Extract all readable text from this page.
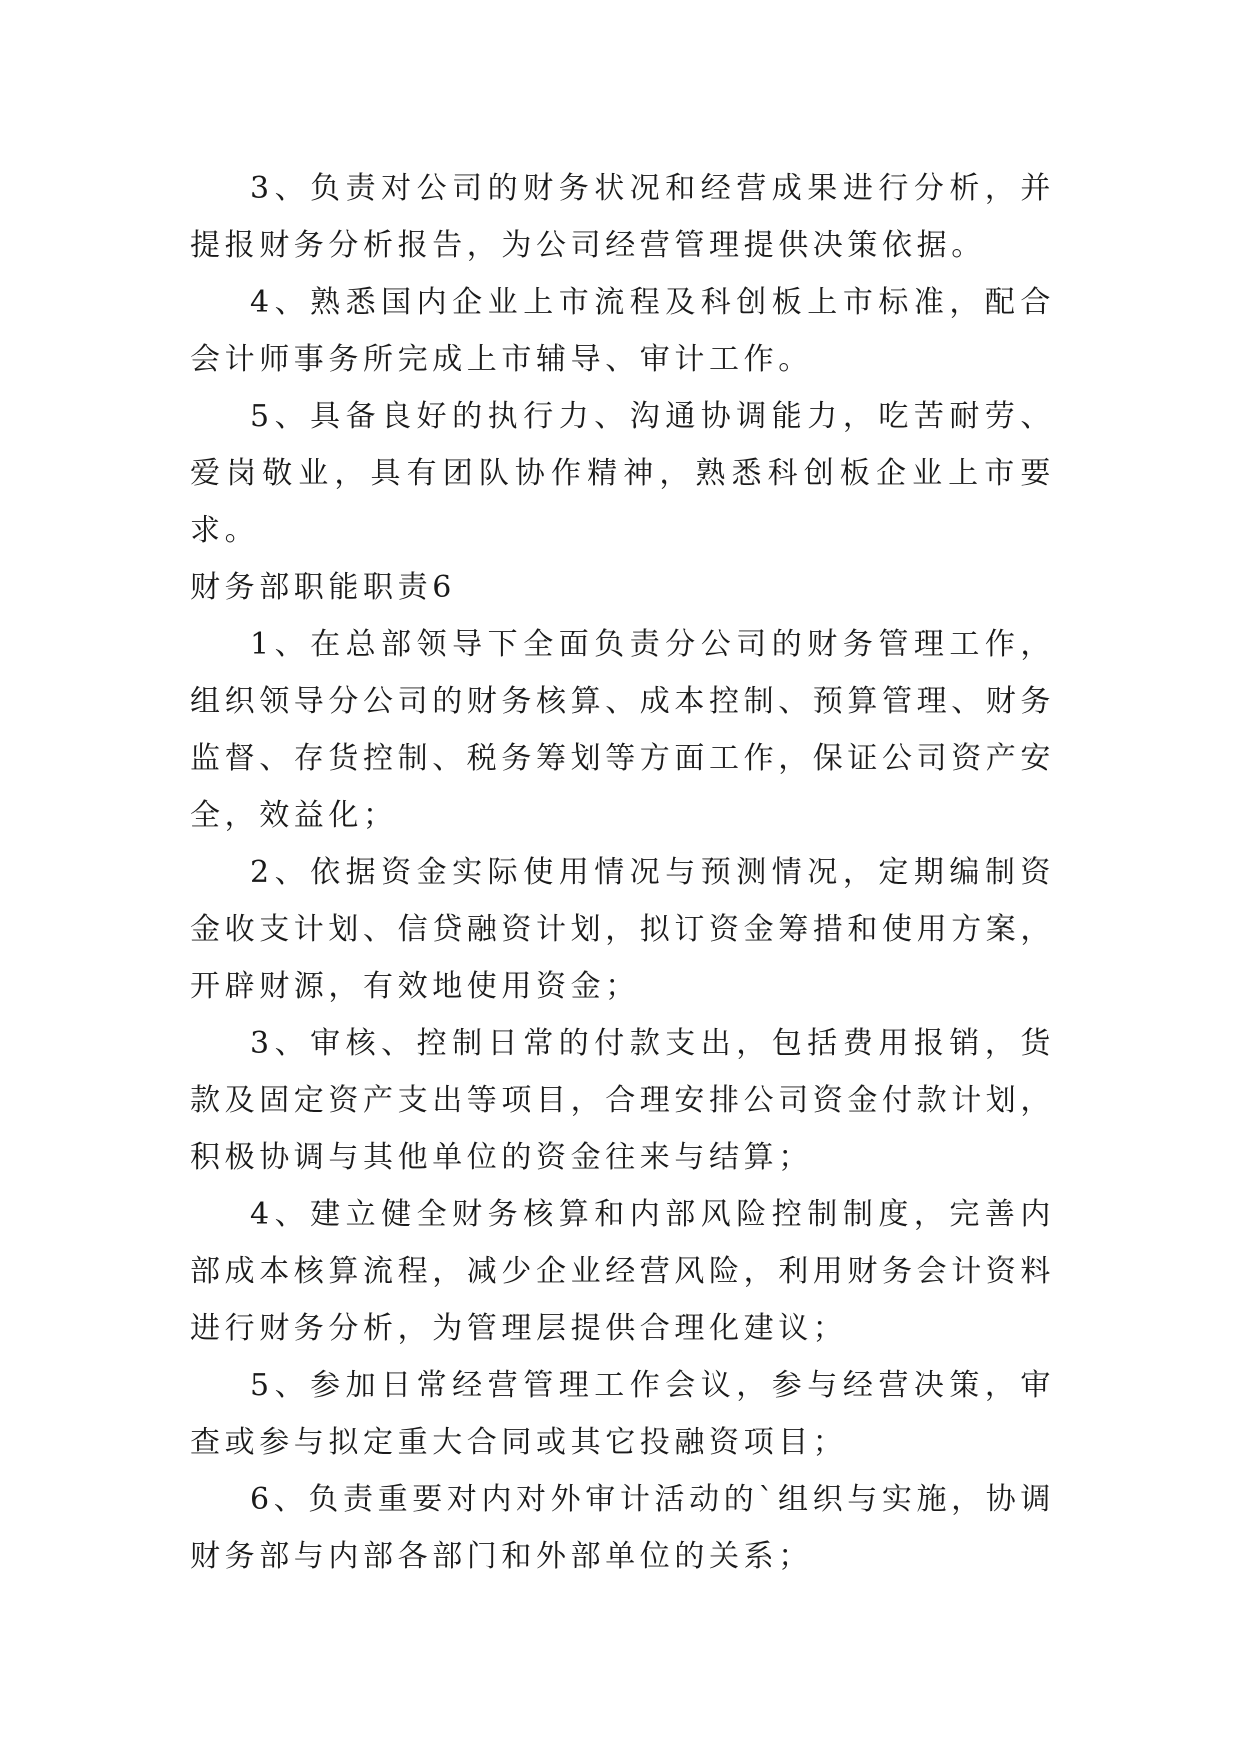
3、负责对公司的财务状况和经营成果进行分析，并提报财务分析报告，为公司经营管理提供决策依据。

4、熟悉国内企业上市流程及科创板上市标准，配合会计师事务所完成上市辅导、审计工作。

5、具备良好的执行力、沟通协调能力，吃苦耐劳、爱岗敬业，具有团队协作精神，熟悉科创板企业上市要求。

财务部职能职责6

1、在总部领导下全面负责分公司的财务管理工作，组织领导分公司的财务核算、成本控制、预算管理、财务监督、存货控制、税务筹划等方面工作，保证公司资产安全，效益化；

2、依据资金实际使用情况与预测情况，定期编制资金收支计划、信贷融资计划，拟订资金筹措和使用方案，开辟财源，有效地使用资金；

3、审核、控制日常的付款支出，包括费用报销，货款及固定资产支出等项目，合理安排公司资金付款计划，积极协调与其他单位的资金往来与结算；

4、建立健全财务核算和内部风险控制制度，完善内部成本核算流程，减少企业经营风险，利用财务会计资料进行财务分析，为管理层提供合理化建议；

5、参加日常经营管理工作会议，参与经营决策，审查或参与拟定重大合同或其它投融资项目；

6、负责重要对内对外审计活动的`组织与实施，协调财务部与内部各部门和外部单位的关系；
